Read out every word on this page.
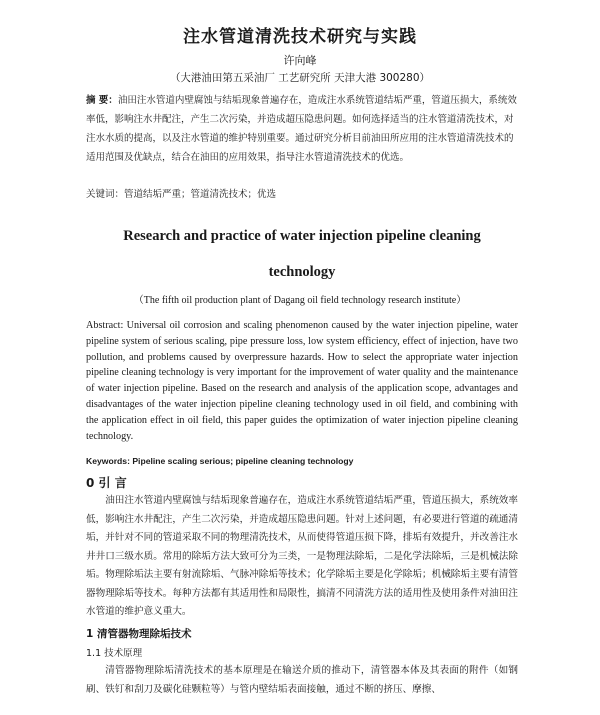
注水管道清洗技术研究与实践
许向峰
（大港油田第五采油厂 工艺研究所 天津大港 300280）
摘 要：油田注水管道内壁腐蚀与结垢现象普遍存在，造成注水系统管道结垢严重，管道压损大，系统效率低，影响注水井配注，产生二次污染，并造成超压隐患问题。如何选择适当的注水管道清洗技术，对注水水质的提高，以及注水管道的维护特别重要。通过研究分析目前油田所应用的注水管道清洗技术的适用范围及优缺点，结合在油田的应用效果，指导注水管道清洗技术的优选。
关键词：管道结垢严重；管道清洗技术；优选
Research and practice of water injection pipeline cleaning
technology
（The fifth oil production plant of Dagang oil field technology research institute）
Abstract: Universal oil corrosion and scaling phenomenon caused by the water injection pipeline, water pipeline system of serious scaling, pipe pressure loss, low system efficiency, effect of injection, have two pollution, and problems caused by overpressure hazards. How to select the appropriate water injection pipeline cleaning technology is very important for the improvement of water quality and the maintenance of water injection pipeline. Based on the research and analysis of the application scope, advantages and disadvantages of the water injection pipeline cleaning technology used in oil field, and combining with the application effect in oil field, this paper guides the optimization of water injection pipeline cleaning technology.
Keywords: Pipeline scaling serious; pipeline cleaning technology
0 引 言

油田注水管道内壁腐蚀与结垢现象普遍存在，造成注水系统管道结垢严重，管道压损大，系统效率低，影响注水井配注，产生二次污染，并造成超压隐患问题。针对上述问题，有必要进行管道的疏通清垢，并针对不同的管道采取不同的物理清洗技术，从而使得管道压损下降，排垢有效提升，并改善注水井井口三级水质。常用的除垢方法大致可分为三类，一是物理法除垢，二是化学法除垢，三是机械法除垢。物理除垢法主要有射流除垢、气脉冲除垢等技术；化学除垢主要是化学除垢；机械除垢主要有清管器物理除垢等技术。每种方法都有其适用性和局限性，搞清不同清洗方法的适用性及使用条件对油田注水管道的维护意义重大。

1 清管器物理除垢技术
1.1 技术原理

清管器物理除垢清洗技术的基本原理是在输送介质的推动下，清管器本体及其表面的附件（如钢刷、铁钉和刮刀及碳化硅颗粒等）与管内壁结垢表面接触，通过不断的挤压、摩擦、
